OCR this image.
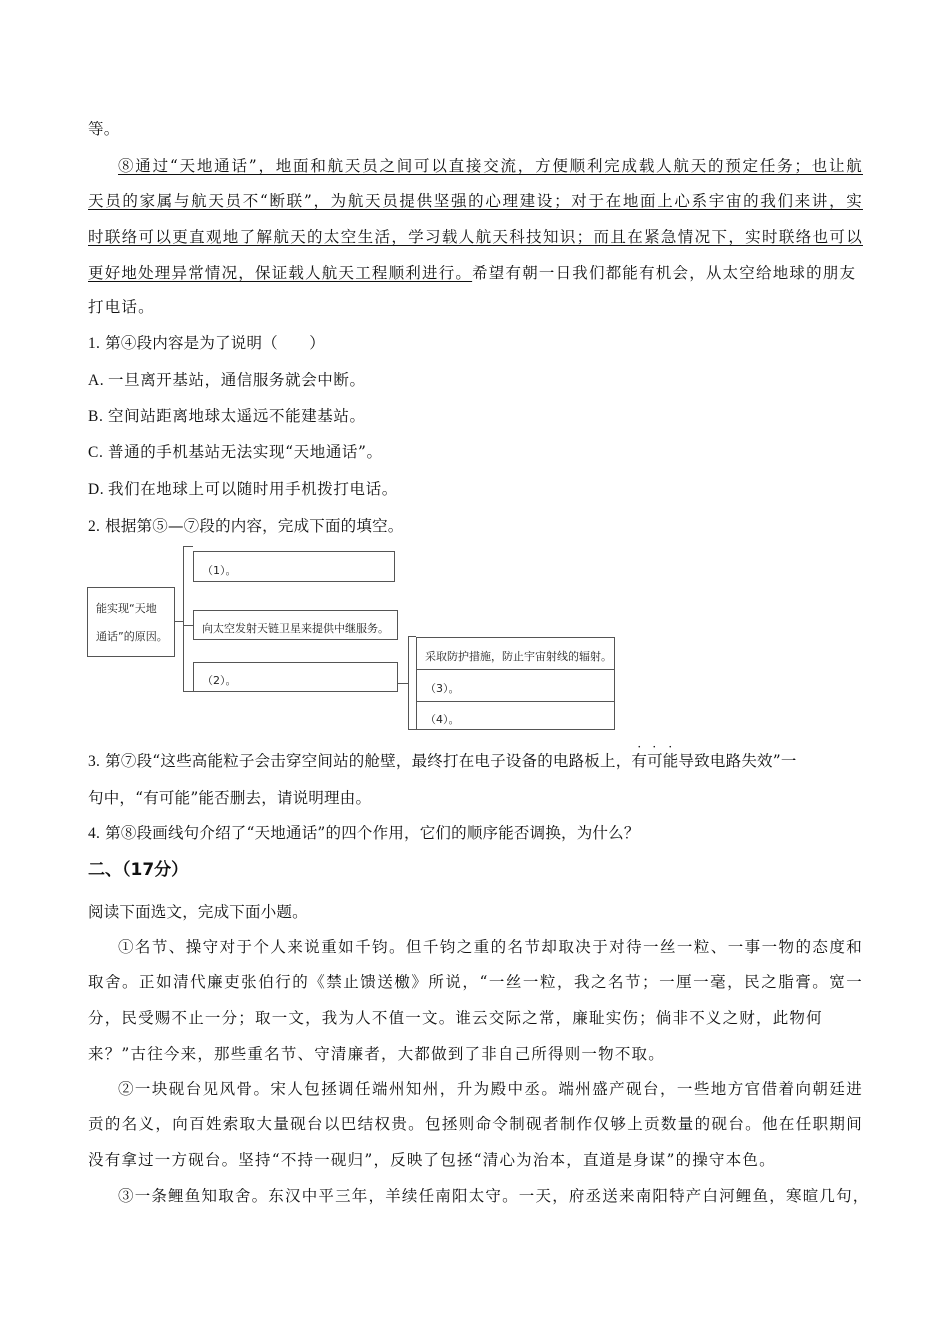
等。
⑧通过“天地通话”，地面和航天员之间可以直接交流，方便顺利完成载人航天的预定任务；也让航
天员的家属与航天员不“断联”，为航天员提供坚强的心理建设；对于在地面上心系宇宙的我们来讲，实
时联络可以更直观地了解航天的太空生活，学习载人航天科技知识；而且在紧急情况下，实时联络也可以
更好地处理异常情况，保证载人航天工程顺利进行。希望有朝一日我们都能有机会，从太空给地球的朋友
打电话。
1. 第④段内容是为了说明（　　）
A. 一旦离开基站，通信服务就会中断。
B. 空间站距离地球太遥远不能建基站。
C. 普通的手机基站无法实现“天地通话”。
D. 我们在地球上可以随时用手机拨打电话。
2. 根据第⑤—⑦段的内容，完成下面的填空。
能实现“天地
通话”的原因。
（1）。
向太空发射天链卫星来提供中继服务。
（2）。
采取防护措施，防止宇宙射线的辐射。
（3）。
（4）。
3. 第⑦段“这些高能粒子会击穿空间站的舱壁，最终打在电子设备的电路板上，
· · ·
有可能导致电路失效”一
句中，“有可能”能否删去，请说明理由。
4. 第⑧段画线句介绍了“天地通话”的四个作用，它们的顺序能否调换，为什么？
二、（17分）
阅读下面选文，完成下面小题。
①名节、操守对于个人来说重如千钧。但千钧之重的名节却取决于对待一丝一粒、一事一物的态度和
取舍。正如清代廉吏张伯行的《禁止馈送檄》所说，“一丝一粒，我之名节；一厘一毫，民之脂膏。宽一
分，民受赐不止一分；取一文，我为人不值一文。谁云交际之常，廉耻实伤；倘非不义之财，此物何
来？”古往今来，那些重名节、守清廉者，大都做到了非自己所得则一物不取。
②一块砚台见风骨。宋人包拯调任端州知州，升为殿中丞。端州盛产砚台，一些地方官借着向朝廷进
贡的名义，向百姓索取大量砚台以巴结权贵。包拯则命令制砚者制作仅够上贡数量的砚台。他在任职期间
没有拿过一方砚台。坚持“不持一砚归”，反映了包拯“清心为治本，直道是身谋”的操守本色。
③一条鲤鱼知取舍。东汉中平三年，羊续任南阳太守。一天，府丞送来南阳特产白河鲤鱼，寒暄几句，
